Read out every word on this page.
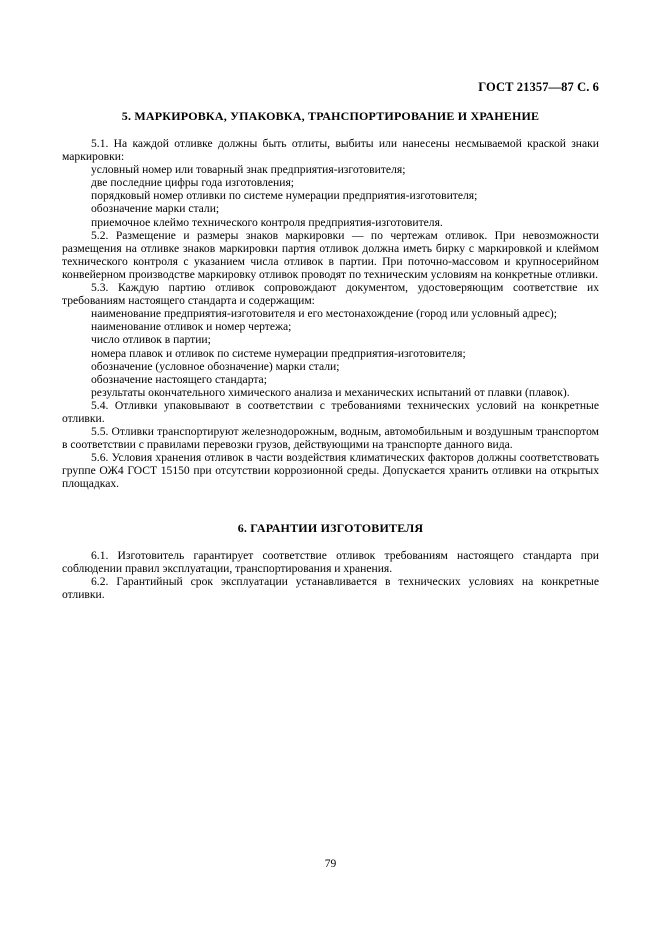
ГОСТ 21357—87 С. 6
5. МАРКИРОВКА, УПАКОВКА, ТРАНСПОРТИРОВАНИЕ И ХРАНЕНИЕ

5.1. На каждой отливке должны быть отлиты, выбиты или нанесены несмываемой краской знаки маркировки:

условный номер или товарный знак предприятия-изготовителя;

две последние цифры года изготовления;

порядковый номер отливки по системе нумерации предприятия-изготовителя;

обозначение марки стали;

приемочное клеймо технического контроля предприятия-изготовителя.

5.2. Размещение и размеры знаков маркировки — по чертежам отливок. При невозможности размещения на отливке знаков маркировки партия отливок должна иметь бирку с маркировкой и клеймом технического контроля с указанием числа отливок в партии. При поточно-массовом и крупносерийном конвейерном производстве маркировку отливок проводят по техническим условиям на конкретные отливки.

5.3. Каждую партию отливок сопровождают документом, удостоверяющим соответствие их требованиям настоящего стандарта и содержащим:

наименование предприятия-изготовителя и его местонахождение (город или условный адрес);

наименование отливок и номер чертежа;

число отливок в партии;

номера плавок и отливок по системе нумерации предприятия-изготовителя;

обозначение (условное обозначение) марки стали;

обозначение настоящего стандарта;

результаты окончательного химического анализа и механических испытаний от плавки (плавок).

5.4. Отливки упаковывают в соответствии с требованиями технических условий на конкретные отливки.

5.5. Отливки транспортируют железнодорожным, водным, автомобильным и воздушным транспортом в соответствии с правилами перевозки грузов, действующими на транспорте данного вида.

5.6. Условия хранения отливок в части воздействия климатических факторов должны соответствовать группе ОЖ4 ГОСТ 15150 при отсутствии коррозионной среды. Допускается хранить отливки на открытых площадках.

6. ГАРАНТИИ ИЗГОТОВИТЕЛЯ

6.1. Изготовитель гарантирует соответствие отливок требованиям настоящего стандарта при соблюдении правил эксплуатации, транспортирования и хранения.

6.2. Гарантийный срок эксплуатации устанавливается в технических условиях на конкретные отливки.

79
